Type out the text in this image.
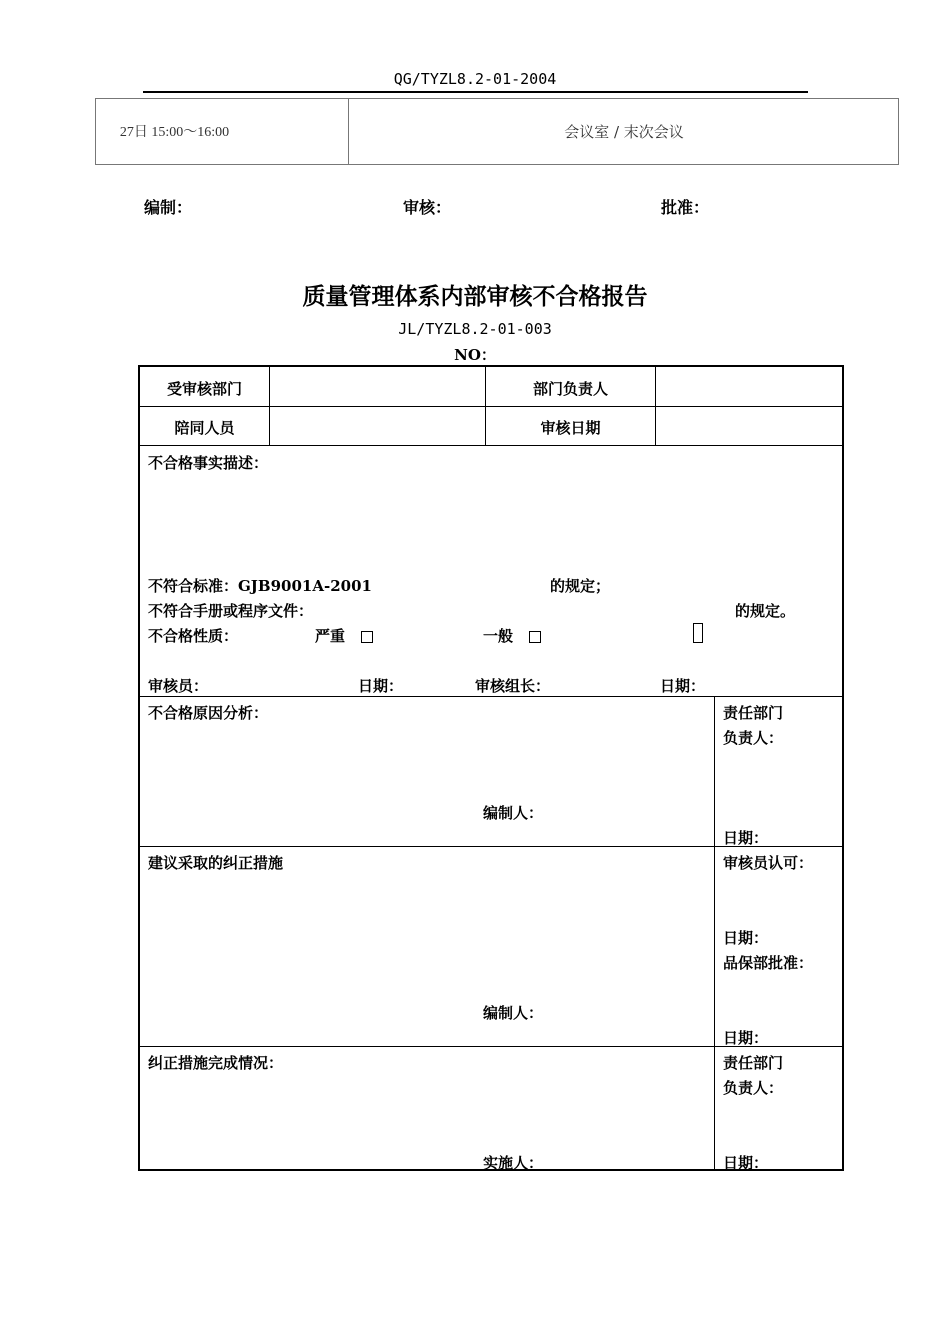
QG/TYZL8.2-01-2004
27日 15:00～16:00	会议室 / 末次会议
编制：	审核：	批准：
质量管理体系内部审核不合格报告
JL/TYZL8.2-01-003
NO：
受审核部门	部门负责人
陪同人员	审核日期
不合格事实描述：
不符合标准：GJB9001A-2001	的规定；
不符合手册或程序文件：	的规定。
不合格性质：	严重	一般
审核员：	日期：	审核组长：	日期：
不合格原因分析：
编制人：
责任部门
负责人：
日期：
建议采取的纠正措施
编制人：
审核员认可：
日期：
品保部批准：
日期：
纠正措施完成情况：
实施人：
责任部门
负责人：
日期：
